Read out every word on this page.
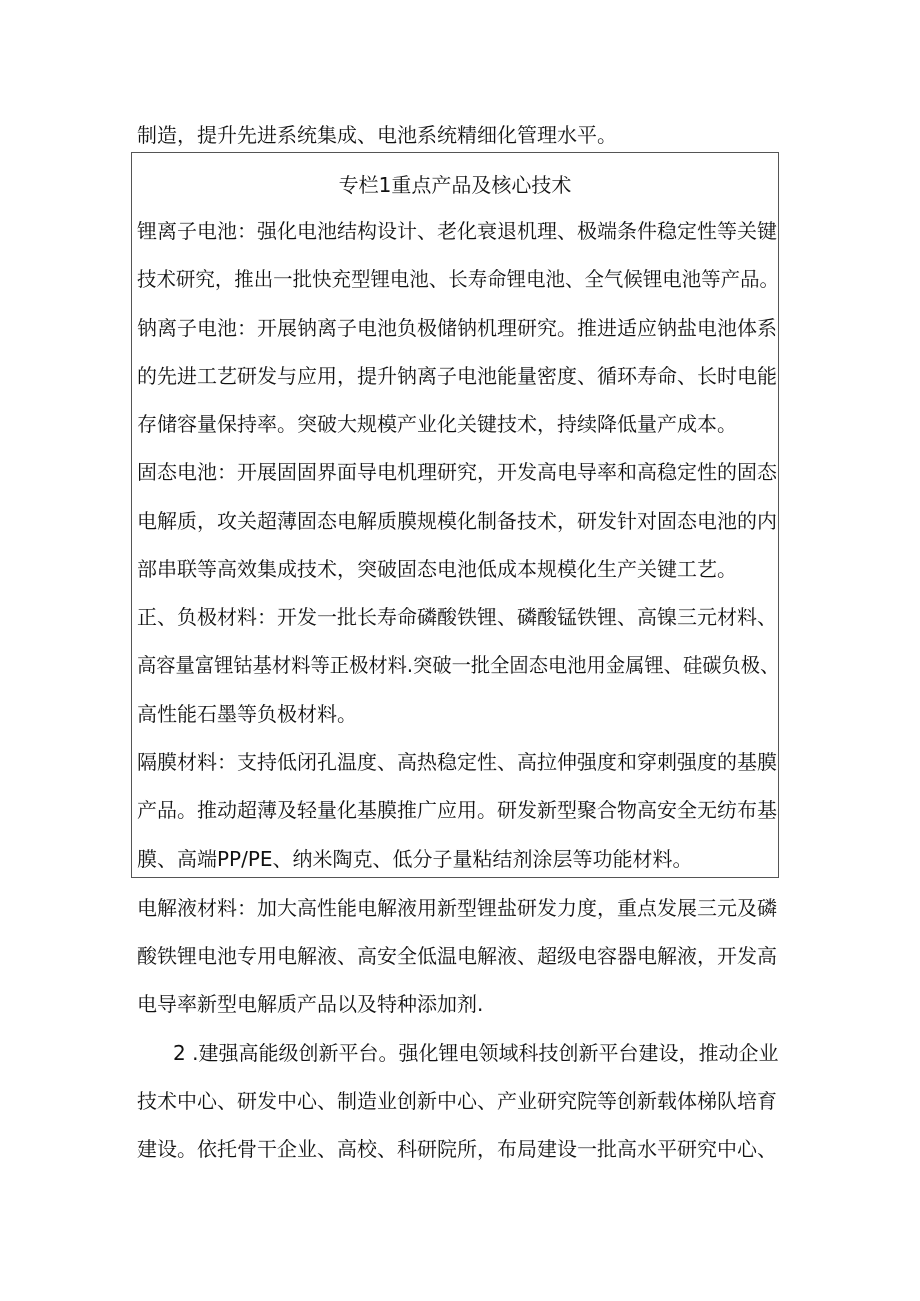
制造，提升先进系统集成、电池系统精细化管理水平。
专栏1重点产品及核心技术
锂离子电池：强化电池结构设计、老化衰退机理、极端条件稳定性等关键
技术研究，推出一批快充型锂电池、长寿命锂电池、全气候锂电池等产品。
钠离子电池：开展钠离子电池负极储钠机理研究。推进适应钠盐电池体系
的先进工艺研发与应用，提升钠离子电池能量密度、循环寿命、长时电能
存储容量保持率。突破大规模产业化关键技术，持续降低量产成本。
固态电池：开展固固界面导电机理研究，开发高电导率和高稳定性的固态
电解质，攻关超薄固态电解质膜规模化制备技术，研发针对固态电池的内
部串联等高效集成技术，突破固态电池低成本规模化生产关键工艺。
正、负极材料：开发一批长寿命磷酸铁锂、磷酸锰铁锂、高镍三元材料、
高容量富锂钴基材料等正极材料.突破一批全固态电池用金属锂、硅碳负极、
高性能石墨等负极材料。
隔膜材料：支持低闭孔温度、高热稳定性、高拉伸强度和穿刺强度的基膜
产品。推动超薄及轻量化基膜推广应用。研发新型聚合物高安全无纺布基
膜、高端PP/PE、纳米陶克、低分子量粘结剂涂层等功能材料。
电解液材料：加大高性能电解液用新型锂盐研发力度，重点发展三元及磷
酸铁锂电池专用电解液、高安全低温电解液、超级电容器电解液，开发高
电导率新型电解质产品以及特种添加剂.
2 .建强高能级创新平台。强化锂电领域科技创新平台建设，推动企业
技术中心、研发中心、制造业创新中心、产业研究院等创新载体梯队培育
建设。依托骨干企业、高校、科研院所，布局建设一批高水平研究中心、
